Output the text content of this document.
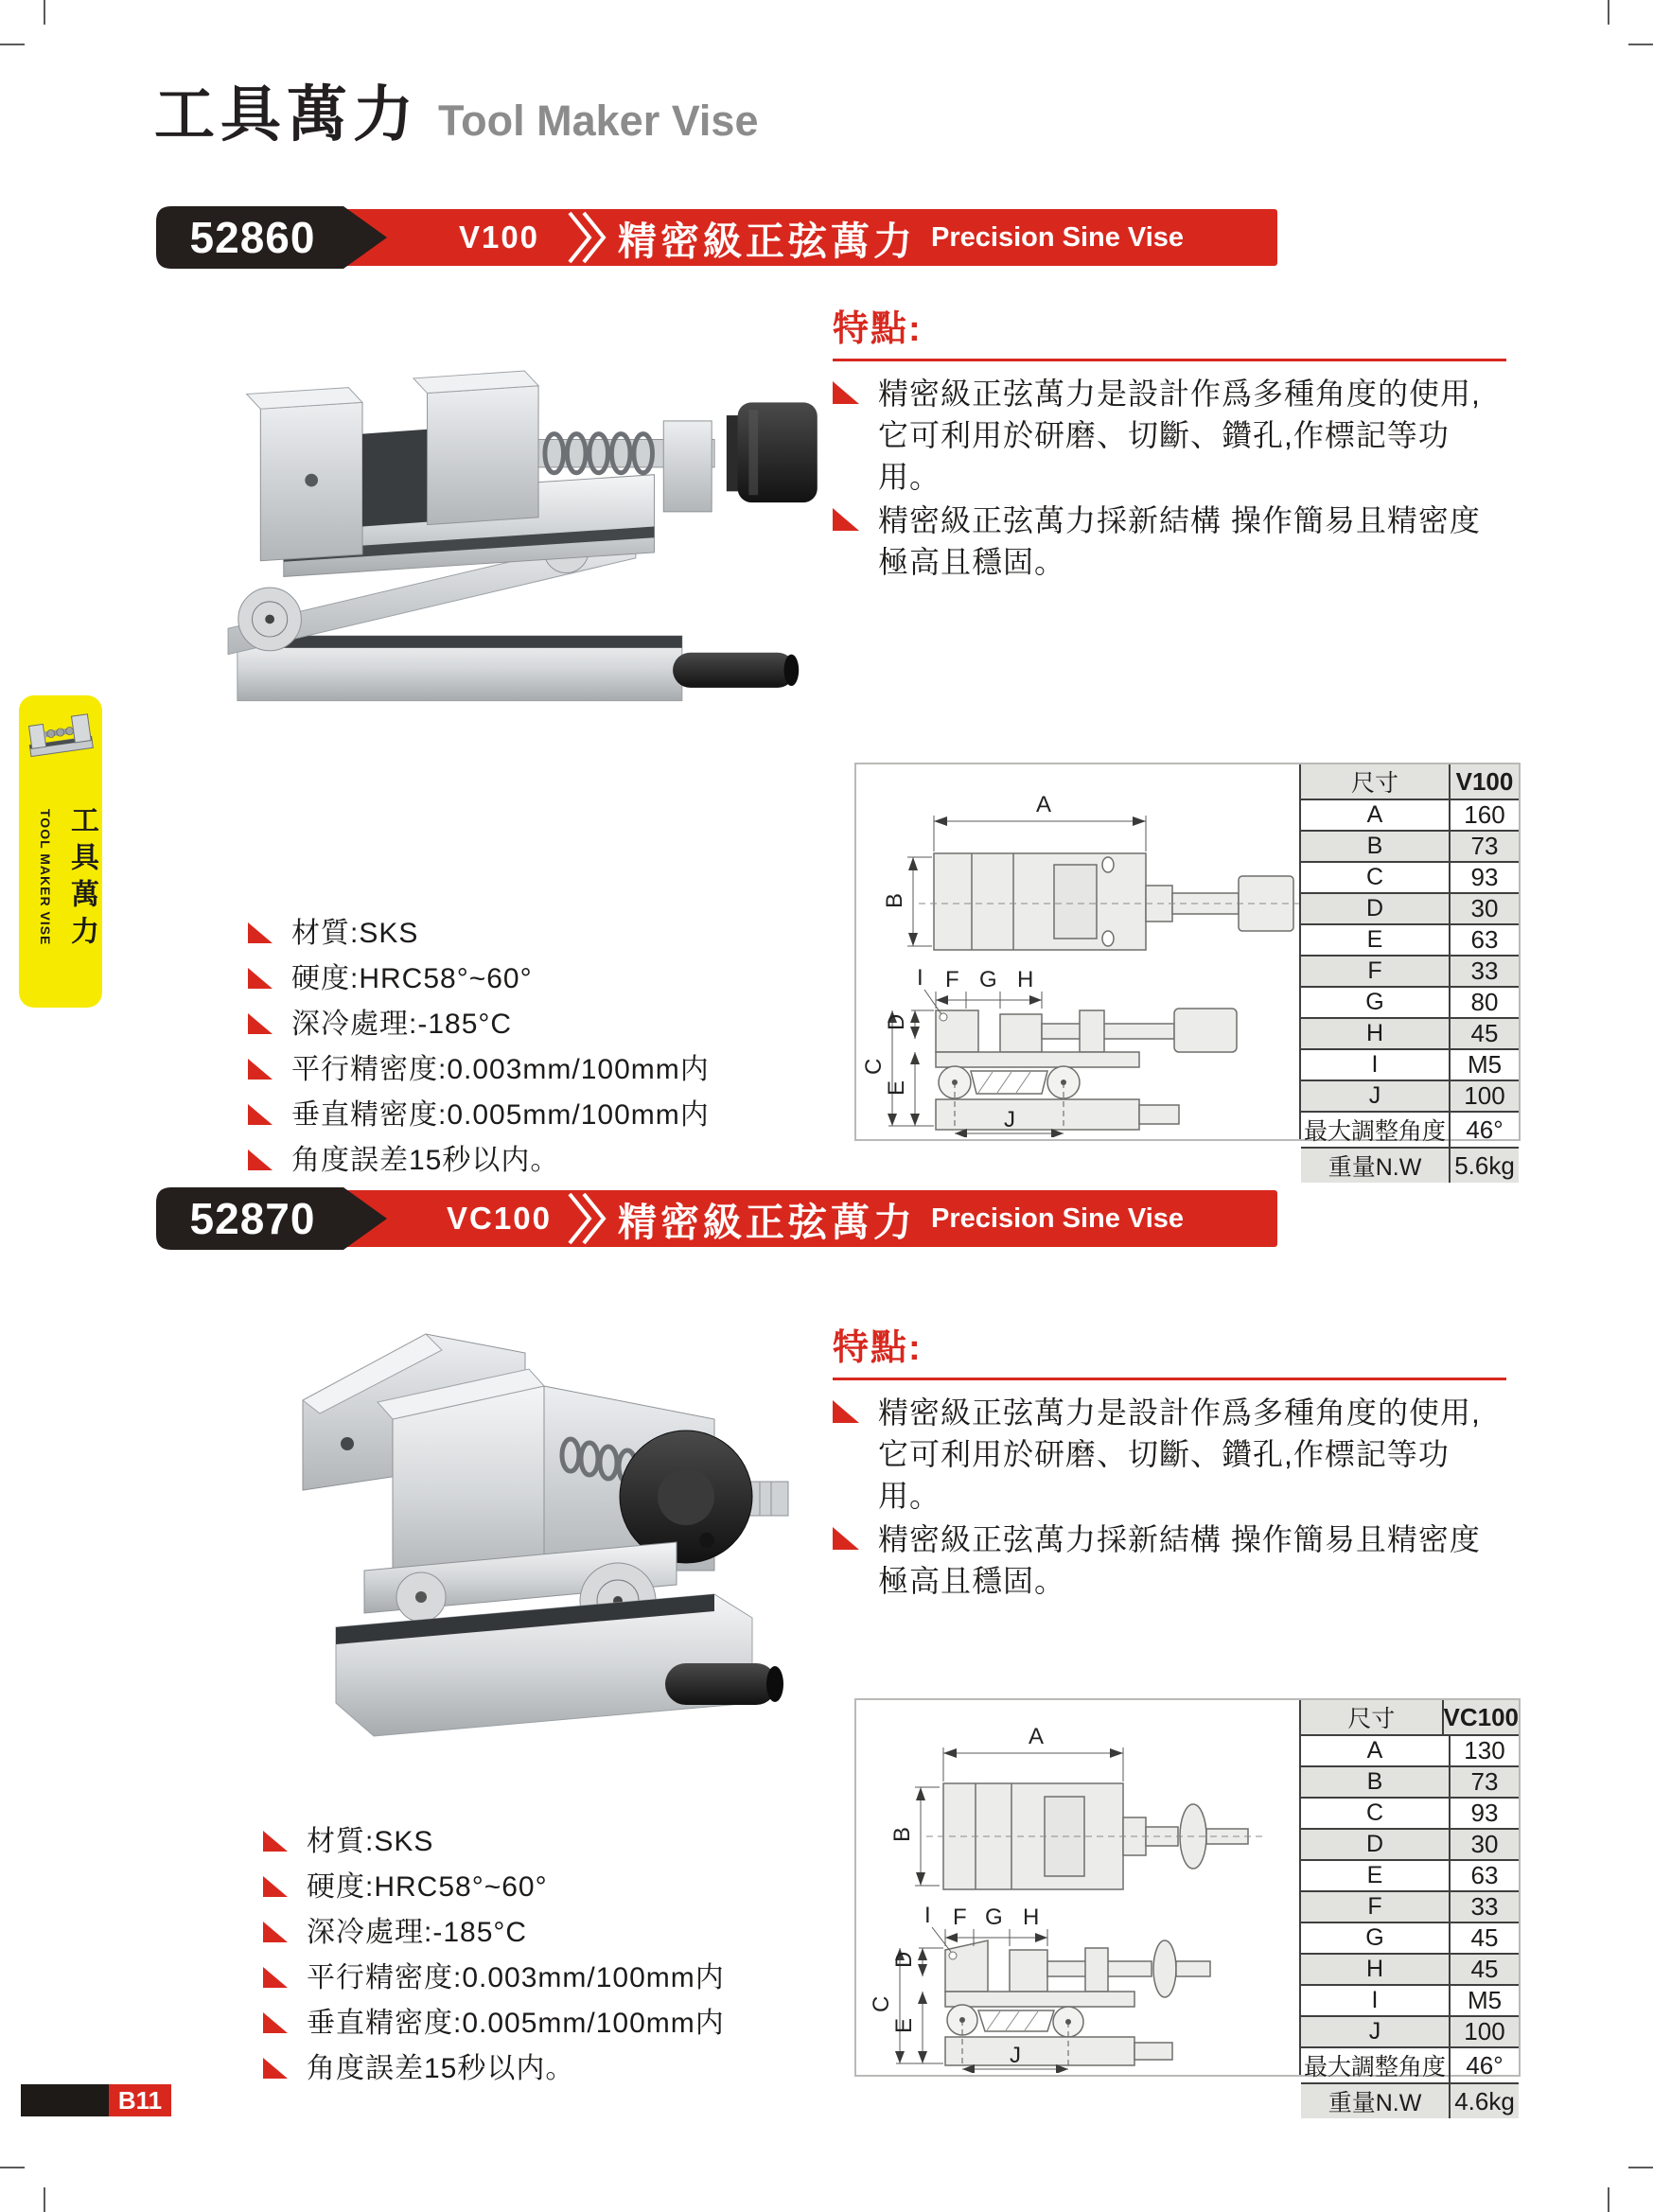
工具萬力 Tool Maker Vise
52860	V100	精密級正弦萬力 Precision Sine Vise
特點:
精密級正弦萬力是設計作爲多種角度的使用,它可利用於研磨、切斷、鑽孔,作標記等功用。
精密級正弦萬力採新結構 操作簡易且精密度極高且穩固。
材質:SKS
硬度:HRC58°~60°
深冷處理:-185°C
平行精密度:0.003mm/100mm内
垂直精密度:0.005mm/100mm内
角度誤差15秒以内。
A
B
I F G H
D
C
E
J
尺寸	V100
A	160
B	73
C	93
D	30
E	63
F	33
G	80
H	45
I	M5
J	100
最大調整角度 46°
重量N.W	5.6kg
52870	VC100 精密級正弦萬力 Precision Sine Vise
特點:
精密級正弦萬力是設計作爲多種角度的使用,它可利用於研磨、切斷、鑽孔,作標記等功用。
精密級正弦萬力採新結構 操作簡易且精密度極高且穩固。
材質:SKS
硬度:HRC58°~60°
深冷處理:-185°C
平行精密度:0.003mm/100mm内
垂直精密度:0.005mm/100mm内
角度誤差15秒以内。
A
B
I F G H
D
C
E
J
尺寸	VC100
A	130
B	73
C	93
D	30
E	63
F	33
G	45
H	45
I	M5
J	100
最大調整角度 46°
重量N.W	4.6kg
工具萬力
TOOL MAKER VISE
B11
